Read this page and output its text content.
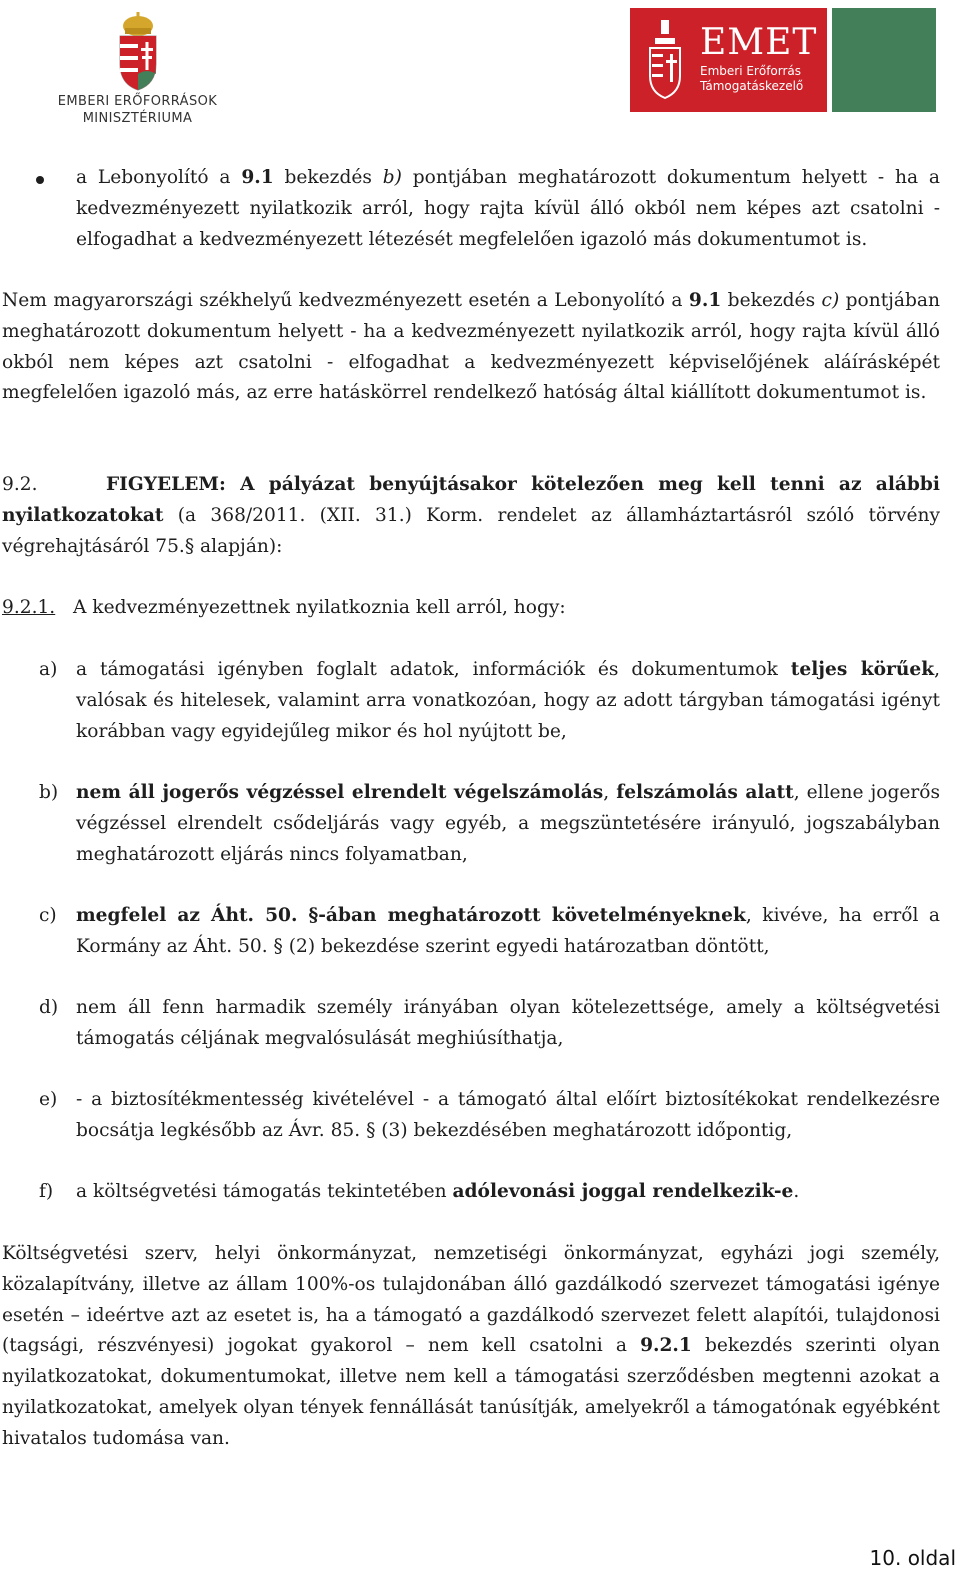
EMBERI ERŐFORRÁSOK
MINISZTÉRIUMA
EMET
Emberi Erőforrás
Támogatáskezelő
a Lebonyolító a 9.1 bekezdés b) pontjában meghatározott dokumentum helyett - ha a kedvezményezett nyilatkozik arról, hogy rajta kívül álló okból nem képes azt csatolni - elfogadhat a kedvezményezett létezését megfelelően igazoló más dokumentumot is.
Nem magyarországi székhelyű kedvezményezett esetén a Lebonyolító a 9.1 bekezdés c) pontjában meghatározott dokumentum helyett - ha a kedvezményezett nyilatkozik arról, hogy rajta kívül álló okból nem képes azt csatolni - elfogadhat a kedvezményezett képviselőjének aláírásképét megfelelően igazoló más, az erre hatáskörrel rendelkező hatóság által kiállított dokumentumot is.
9.2.	FIGYELEM: A pályázat benyújtásakor kötelezően meg kell tenni az alábbi nyilatkozatokat (a 368/2011. (XII. 31.) Korm. rendelet az államháztartásról szóló törvény végrehajtásáról 75.§ alapján):
9.2.1. A kedvezményezettnek nyilatkoznia kell arról, hogy:
a) a támogatási igényben foglalt adatok, információk és dokumentumok teljes körűek, valósak és hitelesek, valamint arra vonatkozóan, hogy az adott tárgyban támogatási igényt korábban vagy egyidejűleg mikor és hol nyújtott be,
b) nem áll jogerős végzéssel elrendelt végelszámolás, felszámolás alatt, ellene jogerős végzéssel elrendelt csődeljárás vagy egyéb, a megszüntetésére irányuló, jogszabályban meghatározott eljárás nincs folyamatban,
c) megfelel az Áht. 50. §-ában meghatározott követelményeknek, kivéve, ha erről a Kormány az Áht. 50. § (2) bekezdése szerint egyedi határozatban döntött,
d) nem áll fenn harmadik személy irányában olyan kötelezettsége, amely a költségvetési támogatás céljának megvalósulását meghiúsíthatja,
e) - a biztosítékmentesség kivételével - a támogató által előírt biztosítékokat rendelkezésre bocsátja legkésőbb az Ávr. 85. § (3) bekezdésében meghatározott időpontig,
f) a költségvetési támogatás tekintetében adólevonási joggal rendelkezik-e.
Költségvetési szerv, helyi önkormányzat, nemzetiségi önkormányzat, egyházi jogi személy, közalapítvány, illetve az állam 100%-os tulajdonában álló gazdálkodó szervezet támogatási igénye esetén – ideértve azt az esetet is, ha a támogató a gazdálkodó szervezet felett alapítói, tulajdonosi (tagsági, részvényesi) jogokat gyakorol – nem kell csatolni a 9.2.1 bekezdés szerinti olyan nyilatkozatokat, dokumentumokat, illetve nem kell a támogatási szerződésben megtenni azokat a nyilatkozatokat, amelyek olyan tények fennállását tanúsítják, amelyekről a támogatónak egyébként hivatalos tudomása van.
10. oldal
